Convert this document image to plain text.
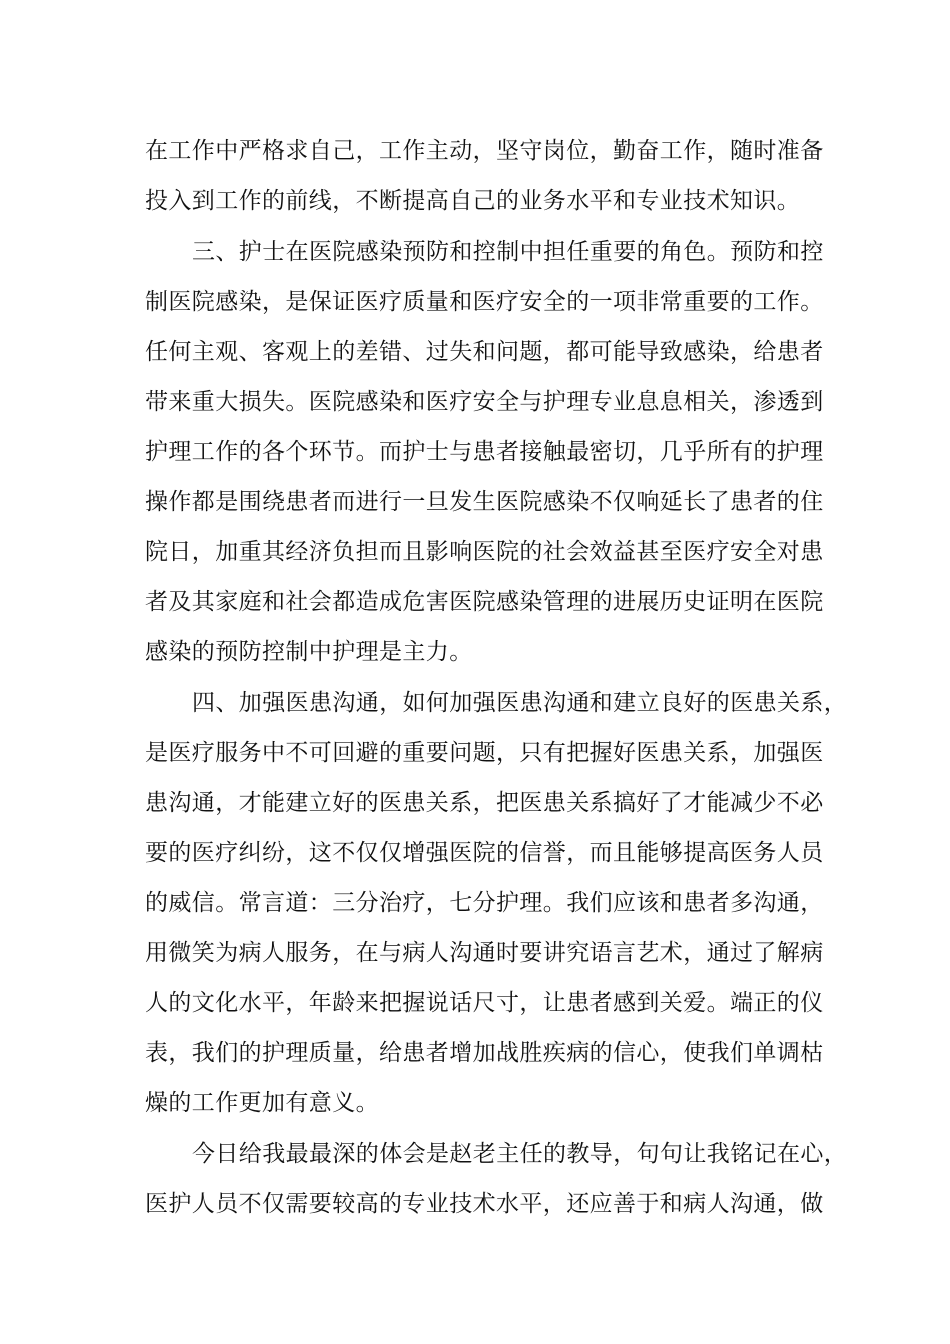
在工作中严格求自己，工作主动，坚守岗位，勤奋工作，随时准备
投入到工作的前线，不断提高自己的业务水平和专业技术知识。
三、护士在医院感染预防和控制中担任重要的角色。预防和控
制医院感染，是保证医疗质量和医疗安全的一项非常重要的工作。
任何主观、客观上的差错、过失和问题，都可能导致感染，给患者
带来重大损失。医院感染和医疗安全与护理专业息息相关，渗透到
护理工作的各个环节。而护士与患者接触最密切，几乎所有的护理
操作都是围绕患者而进行一旦发生医院感染不仅响延长了患者的住
院日，加重其经济负担而且影响医院的社会效益甚至医疗安全对患
者及其家庭和社会都造成危害医院感染管理的进展历史证明在医院
感染的预防控制中护理是主力。
四、加强医患沟通，如何加强医患沟通和建立良好的医患关系，
是医疗服务中不可回避的重要问题，只有把握好医患关系，加强医
患沟通，才能建立好的医患关系，把医患关系搞好了才能减少不必
要的医疗纠纷，这不仅仅增强医院的信誉，而且能够提高医务人员
的威信。常言道：三分治疗，七分护理。我们应该和患者多沟通，
用微笑为病人服务，在与病人沟通时要讲究语言艺术，通过了解病
人的文化水平，年龄来把握说话尺寸，让患者感到关爱。端正的仪
表，我们的护理质量，给患者增加战胜疾病的信心，使我们单调枯
燥的工作更加有意义。
今日给我最最深的体会是赵老主任的教导，句句让我铭记在心，
医护人员不仅需要较高的专业技术水平，还应善于和病人沟通，做
